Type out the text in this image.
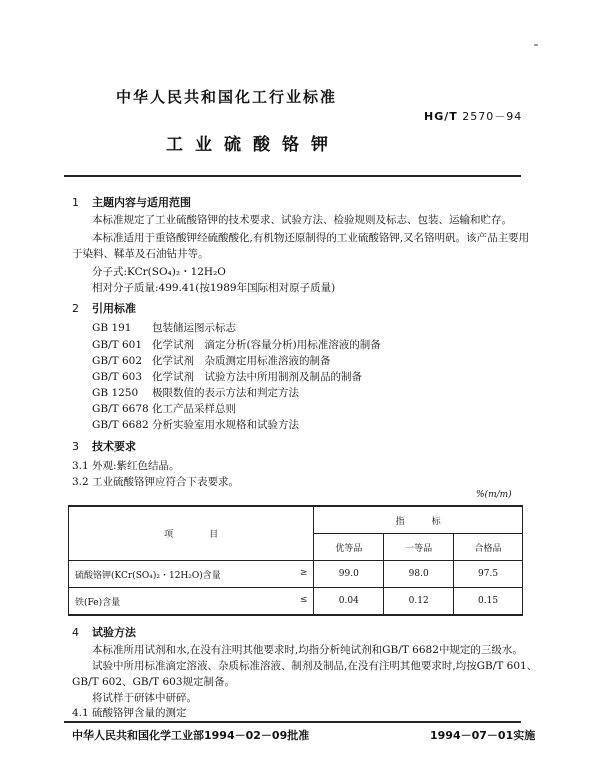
中华人民共和国化工行业标准
HG/T 2570－94
工业硫酸铬钾
1 主题内容与适用范围
本标准规定了工业硫酸铬钾的技术要求、试验方法、检验规则及标志、包装、运输和贮存。
本标准适用于重铬酸钾经硫酸酸化,有机物还原制得的工业硫酸铬钾,又名铬明矾。该产品主要用
于染料、鞣革及石油钻井等。
分子式:KCr(SO₄)₂・12H₂O
相对分子质量:499.41(按1989年国际相对原子质量)
2 引用标准
GB 191 包装储运图示标志
GB/T 601 化学试剂　滴定分析(容量分析)用标准溶液的制备
GB/T 602 化学试剂　杂质测定用标准溶液的制备
GB/T 603 化学试剂　试验方法中所用制剂及制品的制备
GB 1250 极限数值的表示方法和判定方法
GB/T 6678 化工产品采样总则
GB/T 6682 分析实验室用水规格和试验方法
3 技术要求
3.1 外观:紫红色结晶。
3.2 工业硫酸铬钾应符合下表要求。
%(m/m)
项　　　　目	指　　　标		
	优等品	一等品	合格品
硫酸铬钾(KCr(SO₄)₂・12H₂O)含量 ≥	99.0	98.0	97.5
铁(Fe)含量 ≤	0.04	0.12	0.15
4 试验方法
本标准所用试剂和水,在没有注明其他要求时,均指分析纯试剂和GB/T 6682中规定的三级水。
试验中所用标准滴定溶液、杂质标准溶液、制剂及制品,在没有注明其他要求时,均按GB/T 601、
GB/T 602、GB/T 603规定制备。
将试样于研钵中研碎。
4.1 硫酸铬钾含量的测定
中华人民共和国化学工业部1994－02－09批准	1994－07－01实施
